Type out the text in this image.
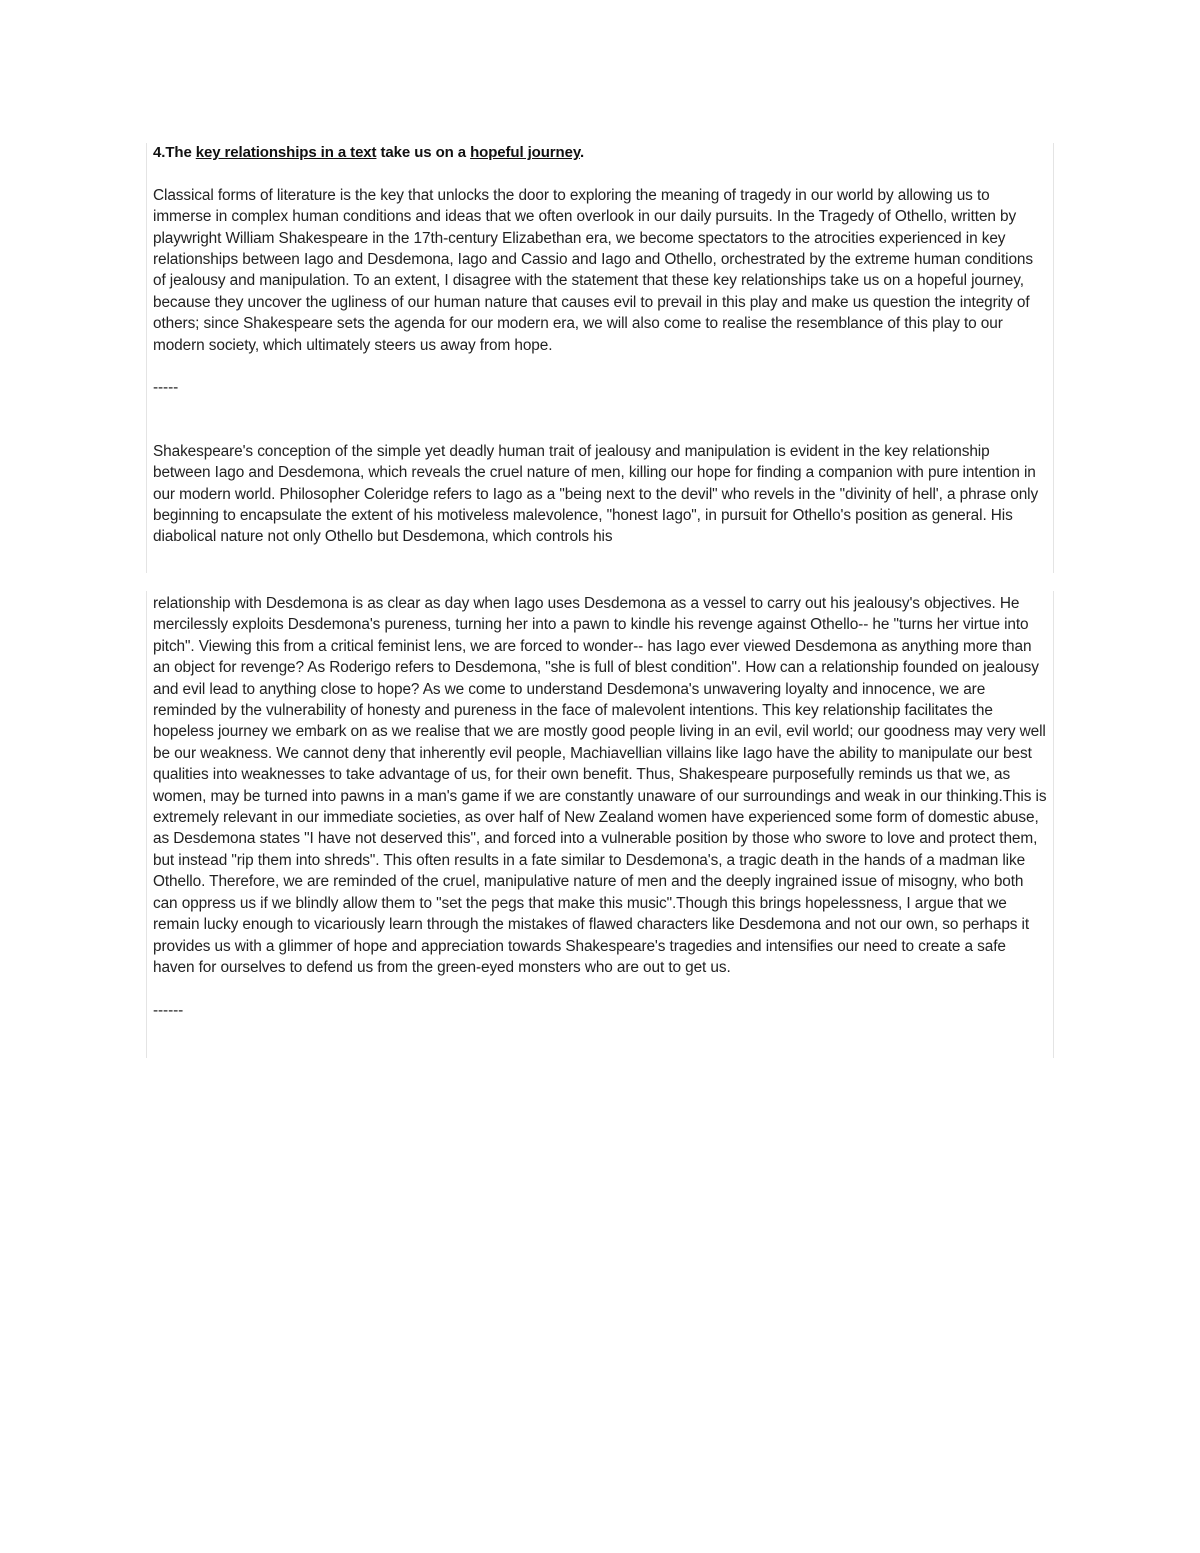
4.The key relationships in a text take us on a hopeful journey.

Classical forms of literature is the key that unlocks the door to exploring the meaning of tragedy in our world by allowing us to immerse in complex human conditions and ideas that we often overlook in our daily pursuits. In the Tragedy of Othello, written by playwright William Shakespeare in the 17th-century Elizabethan era, we become spectators to the atrocities experienced in key relationships between Iago and Desdemona, Iago and Cassio and Iago and Othello, orchestrated by the extreme human conditions of jealousy and manipulation. To an extent, I disagree with the statement that these key relationships take us on a hopeful journey, because they uncover the ugliness of our human nature that causes evil to prevail in this play and make us question the integrity of others; since Shakespeare sets the agenda for our modern era, we will also come to realise the resemblance of this play to our modern society, which ultimately steers us away from hope.

-----

Shakespeare's conception of the simple yet deadly human trait of jealousy and manipulation is evident in the key relationship between Iago and Desdemona, which reveals the cruel nature of men, killing our hope for finding a companion with pure intention in our modern world. Philosopher Coleridge refers to Iago as a "being next to the devil" who revels in the "divinity of hell', a phrase only beginning to encapsulate the extent of his motiveless malevolence, "honest Iago", in pursuit for Othello's position as general. His diabolical nature not only Othello but Desdemona, which controls his

relationship with Desdemona is as clear as day when Iago uses Desdemona as a vessel to carry out his jealousy's objectives. He mercilessly exploits Desdemona's pureness, turning her into a pawn to kindle his revenge against Othello-- he "turns her virtue into pitch". Viewing this from a critical feminist lens, we are forced to wonder-- has Iago ever viewed Desdemona as anything more than an object for revenge? As Roderigo refers to Desdemona, "she is full of blest condition". How can a relationship founded on jealousy and evil lead to anything close to hope? As we come to understand Desdemona's unwavering loyalty and innocence, we are reminded by the vulnerability of honesty and pureness in the face of malevolent intentions. This key relationship facilitates the hopeless journey we embark on as we realise that we are mostly good people living in an evil, evil world; our goodness may very well be our weakness. We cannot deny that inherently evil people, Machiavellian villains like Iago have the ability to manipulate our best qualities into weaknesses to take advantage of us, for their own benefit. Thus, Shakespeare purposefully reminds us that we, as women, may be turned into pawns in a man's game if we are constantly unaware of our surroundings and weak in our thinking.This is extremely relevant in our immediate societies, as over half of New Zealand women have experienced some form of domestic abuse, as Desdemona states "I have not deserved this", and forced into a vulnerable position by those who swore to love and protect them, but instead "rip them into shreds". This often results in a fate similar to Desdemona's, a tragic death in the hands of a madman like Othello. Therefore, we are reminded of the cruel, manipulative nature of men and the deeply ingrained issue of misogny, who both can oppress us if we blindly allow them to "set the pegs that make this music".Though this brings hopelessness, I argue that we remain lucky enough to vicariously learn through the mistakes of flawed characters like Desdemona and not our own, so perhaps it provides us with a glimmer of hope and appreciation towards Shakespeare's tragedies and intensifies our need to create a safe haven for ourselves to defend us from the green-eyed monsters who are out to get us.

------
